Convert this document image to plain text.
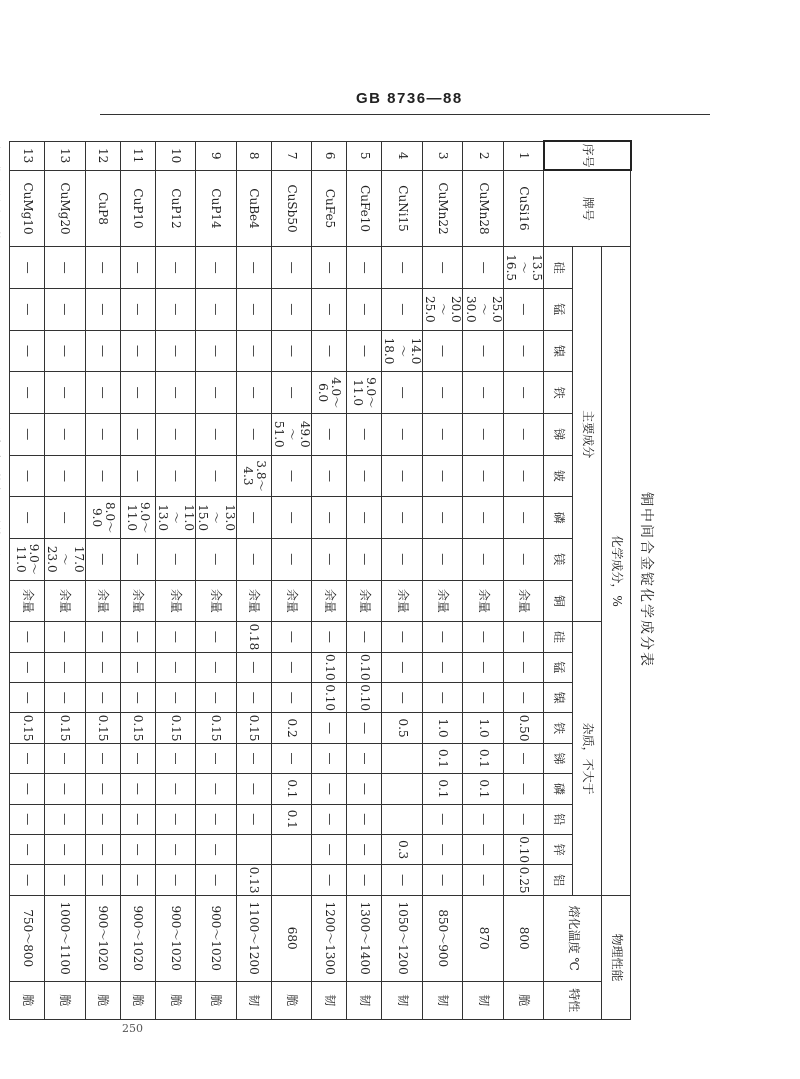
GB 8736—88
铜中间合金锭化学成分表
序号	牌号	化学成分，%																		物理性能	
		主要成分									杂质，不大于									熔化温度 ℃	特性
		硅	锰	镍	铁	锑	铍	磷	镁	铜	硅	锰	镍	铁	锑	磷	铅	锌	铝		
1	CuSi16	13.5～16.5	—	—	—	—	—	—	—	余量	—	—	—	0.50	—	—	—	0.10	0.25	800	脆
2	CuMn28	—	25.0～30.0	—	—	—	—	—	—	余量	—	—	—	1.0	0.1	0.1	—	—	—	870	韧
3	CuMn22	—	20.0～25.0	—	—	—	—	—	—	余量	—	—	—	1.0	0.1	0.1	—	—	—	850～900	韧
4	CuNi15	—	—	14.0～18.0	—	—	—	—	—	余量	—	—	—	0.5				0.3	—	1050～1200	韧
5	CuFe10	—	—	—	9.0～11.0	—	—	—	—	余量	—	0.10	0.10	—	—	—	—	—	—	1300～1400	韧
6	CuFe5	—	—	—	4.0～6.0	—	—	—	—	余量	—	0.10	0.10	—	—	—	—	—	—	1200～1300	韧
7	CuSb50	—	—	—	—	49.0～51.0	—	—	—	余量	—	—	—	0.2	—	0.1	0.1			680	脆
8	CuBe4	—	—	—	—	—	3.8～4.3	—	—	余量	0.18	—	—	0.15	—	—	—		0.13	1100～1200	韧
9	CuP14	—	—	—	—	—	—	13.0～15.0	—	余量	—	—	—	0.15	—	—	—	—	—	900～1020	脆
10	CuP12	—	—	—	—	—	—	11.0～13.0	—	余量	—	—	—	0.15	—	—	—	—	—	900～1020	脆
11	CuP10	—	—	—	—	—	—	9.0～11.0	—	余量	—	—	—	0.15	—	—	—	—	—	900～1020	脆
12	CuP8	—	—	—	—	—	—	8.0～9.0	—	余量	—	—	—	0.15	—	—	—	—	—	900～1020	脆
13	CuMg20	—	—	—	—	—	—	—	17.0～23.0	余量	—	—	—	0.15	—	—	—	—	—	1000～1100	脆
13	CuMg10	—	—	—	—	—	—	—	9.0～11.0	余量	—	—	—	0.15	—	—	—	—	—	750～800	脆
250
